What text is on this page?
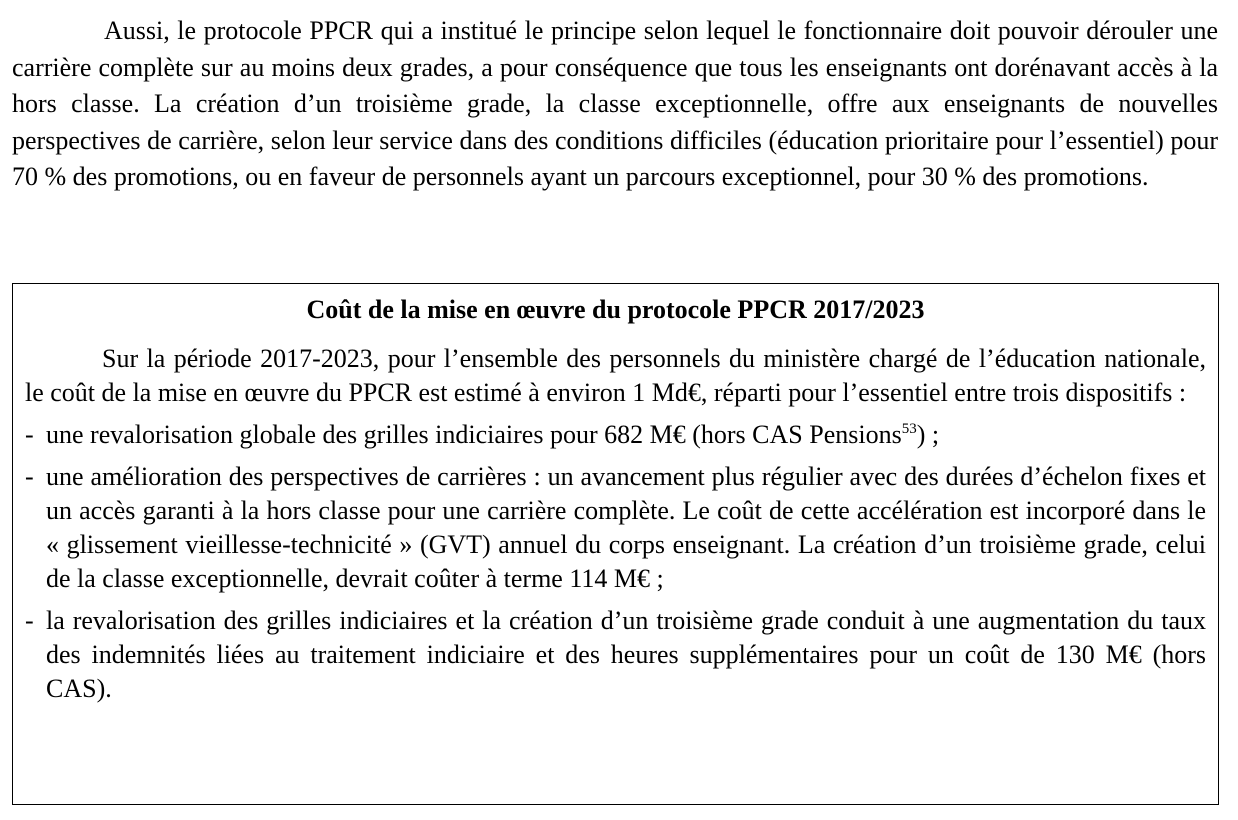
Aussi, le protocole PPCR qui a institué le principe selon lequel le fonctionnaire doit pouvoir dérouler une carrière complète sur au moins deux grades, a pour conséquence que tous les enseignants ont dorénavant accès à la hors classe. La création d’un troisième grade, la classe exceptionnelle, offre aux enseignants de nouvelles perspectives de carrière, selon leur service dans des conditions difficiles (éducation prioritaire pour l’essentiel) pour 70 % des promotions, ou en faveur de personnels ayant un parcours exceptionnel, pour 30 % des promotions.

Coût de la mise en œuvre du protocole PPCR 2017/2023

Sur la période 2017-2023, pour l’ensemble des personnels du ministère chargé de l’éducation nationale, le coût de la mise en œuvre du PPCR est estimé à environ 1 Md€, réparti pour l’essentiel entre trois dispositifs :

- une revalorisation globale des grilles indiciaires pour 682 M€ (hors CAS Pensions$^{53}$) ;
- une amélioration des perspectives de carrières : un avancement plus régulier avec des durées d’échelon fixes et un accès garanti à la hors classe pour une carrière complète. Le coût de cette accélération est incorporé dans le « glissement vieillesse-technicité » (GVT) annuel du corps enseignant. La création d’un troisième grade, celui de la classe exceptionnelle, devrait coûter à terme 114 M€ ;
- la revalorisation des grilles indiciaires et la création d’un troisième grade conduit à une augmentation du taux des indemnités liées au traitement indiciaire et des heures supplémentaires pour un coût de 130 M€ (hors CAS).
